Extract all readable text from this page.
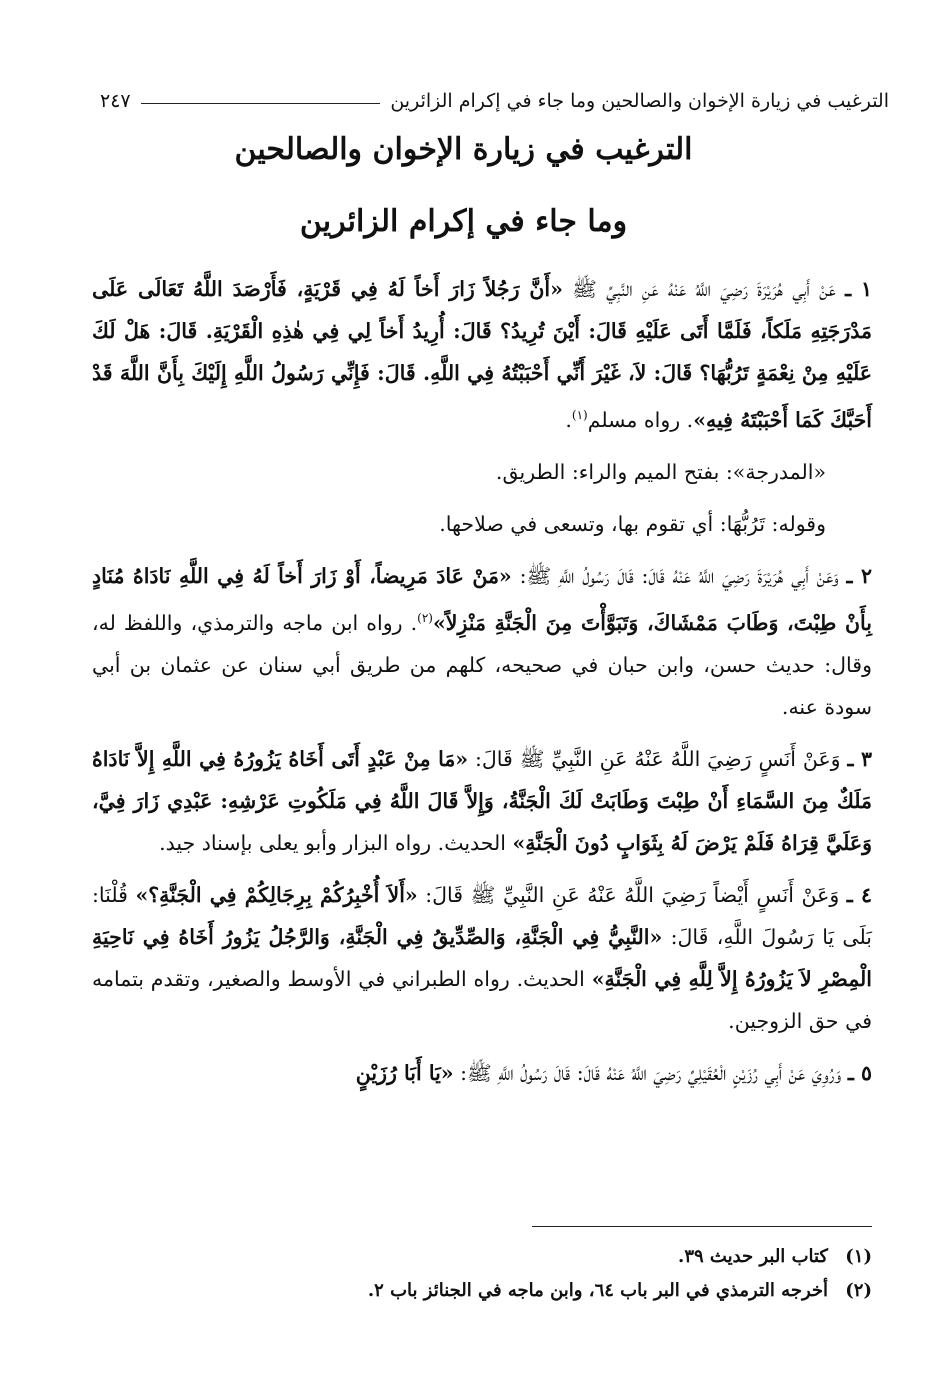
الترغيب في زيارة الإخوان والصالحين وما جاء في إكرام الزائرين
٢٤٧
الترغيب في زيارة الإخوان والصالحين
وما جاء في إكرام الزائرين

١ ـ عَنْ أَبِي هُرَيْرَةَ رَضِيَ اللَّهُ عَنْهُ عَنِ النَّبِيِّ ﷺ «أَنَّ رَجُلاً زَارَ أَخاً لَهُ فِي قَرْيَةٍ، فَأَرْصَدَ اللَّهُ تَعَالَى عَلَى مَدْرَجَتِهِ مَلَكاً، فَلَمَّا أَتَى عَلَيْهِ قَالَ: أَيْنَ تُرِيدُ؟ قَالَ: أُرِيدُ أَخاً لِي فِي هٰذِهِ الْقَرْيَةِ. قَالَ: هَلْ لَكَ عَلَيْهِ مِنْ نِعْمَةٍ تَرُبُّهَا؟ قَالَ: لاَ، غَيْرَ أَنِّي أَحْبَبْتُهُ فِي اللَّهِ. قَالَ: فَإِنِّي رَسُولُ اللَّهِ إِلَيْكَ بِأَنَّ اللَّهَ قَدْ أَحَبَّكَ كَمَا أَحْبَبْتَهُ فِيهِ». رواه مسلم$^{(١)}$.

«المدرجة»: بفتح الميم والراء: الطريق.

وقوله: تَرُبُّهَا: أي تقوم بها، وتسعى في صلاحها.

٢ ـ وَعَنْ أَبِي هُرَيْرَةَ رَضِيَ اللَّهُ عَنْهُ قَالَ: قَالَ رَسُولُ اللَّهِ ﷺ: «مَنْ عَادَ مَرِيضاً، أَوْ زَارَ أَخاً لَهُ فِي اللَّهِ نَادَاهُ مُنَادٍ بِأَنْ طِبْتَ، وَطَابَ مَمْشَاكَ، وَتَبَوَّأْتَ مِنَ الْجَنَّةِ مَنْزِلاً»$^{(٢)}$. رواه ابن ماجه والترمذي، واللفظ له، وقال: حديث حسن، وابن حبان في صحيحه، كلهم من طريق أبي سنان عن عثمان بن أبي سودة عنه.

٣ ـ وَعَنْ أَنَسٍ رَضِيَ اللَّهُ عَنْهُ عَنِ النَّبِيِّ ﷺ قَالَ: «مَا مِنْ عَبْدٍ أَتَى أَخَاهُ يَزُورُهُ فِي اللَّهِ إِلاَّ نَادَاهُ مَلَكٌ مِنَ السَّمَاءِ أَنْ طِبْتَ وَطَابَتْ لَكَ الْجَنَّةُ، وَإِلاَّ قَالَ اللَّهُ فِي مَلَكُوتِ عَرْشِهِ: عَبْدِي زَارَ فِيَّ، وَعَلَيَّ قِرَاهُ فَلَمْ يَرْضَ لَهُ بِثَوَابٍ دُونَ الْجَنَّةِ» الحديث. رواه البزار وأبو يعلى بإسناد جيد.

٤ ـ وَعَنْ أَنَسٍ أَيْضاً رَضِيَ اللَّهُ عَنْهُ عَنِ النَّبِيِّ ﷺ قَالَ: «أَلاَ أُخْبِرُكُمْ بِرِجَالِكُمْ فِي الْجَنَّةِ؟» قُلْنَا: بَلَى يَا رَسُولَ اللَّهِ، قَالَ: «النَّبِيُّ فِي الْجَنَّةِ، وَالصِّدِّيقُ فِي الْجَنَّةِ، وَالرَّجُلُ يَزُورُ أَخَاهُ فِي نَاحِيَةِ الْمِصْرِ لاَ يَزُورُهُ إِلاَّ لِلَّهِ فِي الْجَنَّةِ» الحديث. رواه الطبراني في الأوسط والصغير، وتقدم بتمامه في حق الزوجين.

٥ ـ وَرُوِيَ عَنْ أَبِي رُزَيْنٍ الْعُقَيْلِيِّ رَضِيَ اللَّهُ عَنْهُ قَالَ: قَالَ رَسُولُ اللَّهِ ﷺ: «يَا أَبَا رُزَيْنٍ

(١)كتاب البر حديث ٣٩.

(٢)أخرجه الترمذي في البر باب ٦٤، وابن ماجه في الجنائز باب ٢.
